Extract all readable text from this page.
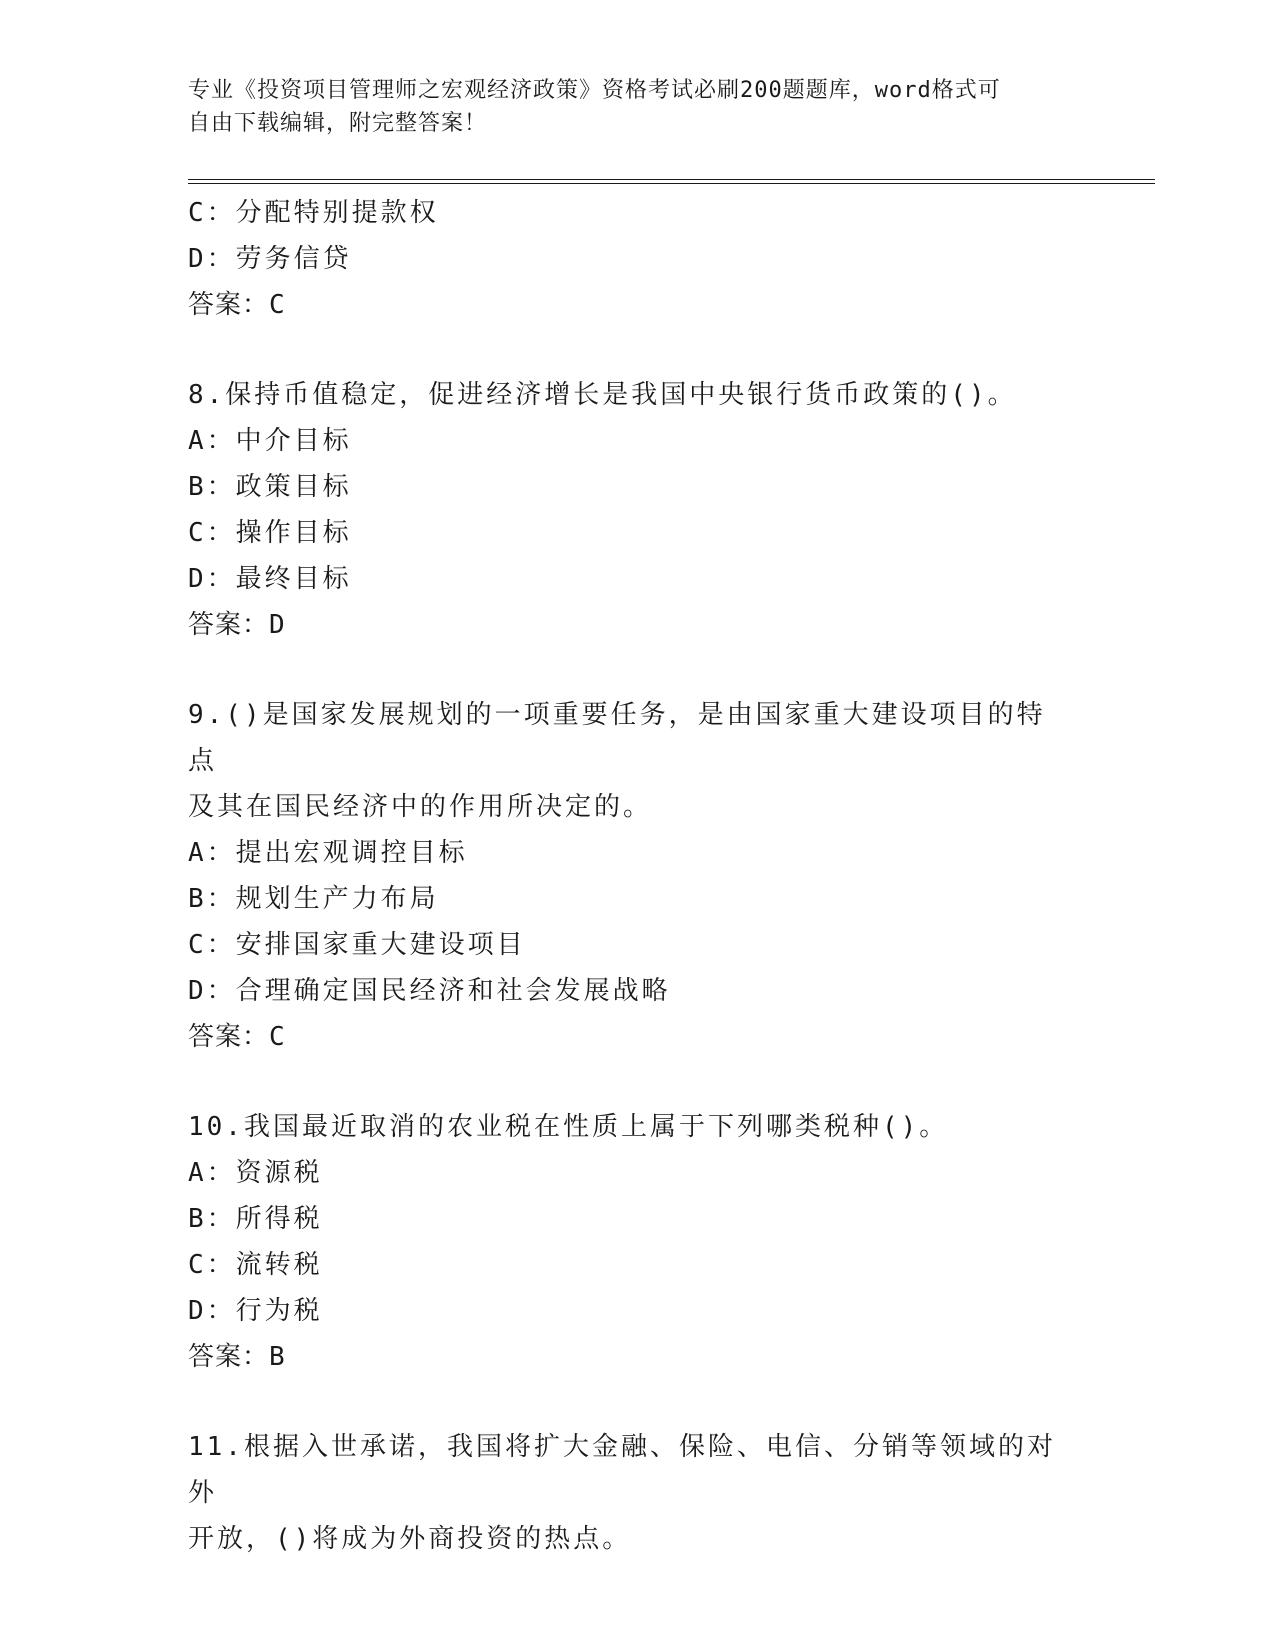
专业《投资项目管理师之宏观经济政策》资格考试必刷200题题库，word格式可
自由下载编辑，附完整答案！
C：分配特别提款权
D：劳务信贷
答案：C
8.保持币值稳定，促进经济增长是我国中央银行货币政策的()。
A：中介目标
B：政策目标
C：操作目标
D：最终目标
答案：D
9.()是国家发展规划的一项重要任务，是由国家重大建设项目的特点
及其在国民经济中的作用所决定的。
A：提出宏观调控目标
B：规划生产力布局
C：安排国家重大建设项目
D：合理确定国民经济和社会发展战略
答案：C
10.我国最近取消的农业税在性质上属于下列哪类税种()。
A：资源税
B：所得税
C：流转税
D：行为税
答案：B
11.根据入世承诺，我国将扩大金融、保险、电信、分销等领域的对外
开放，()将成为外商投资的热点。
